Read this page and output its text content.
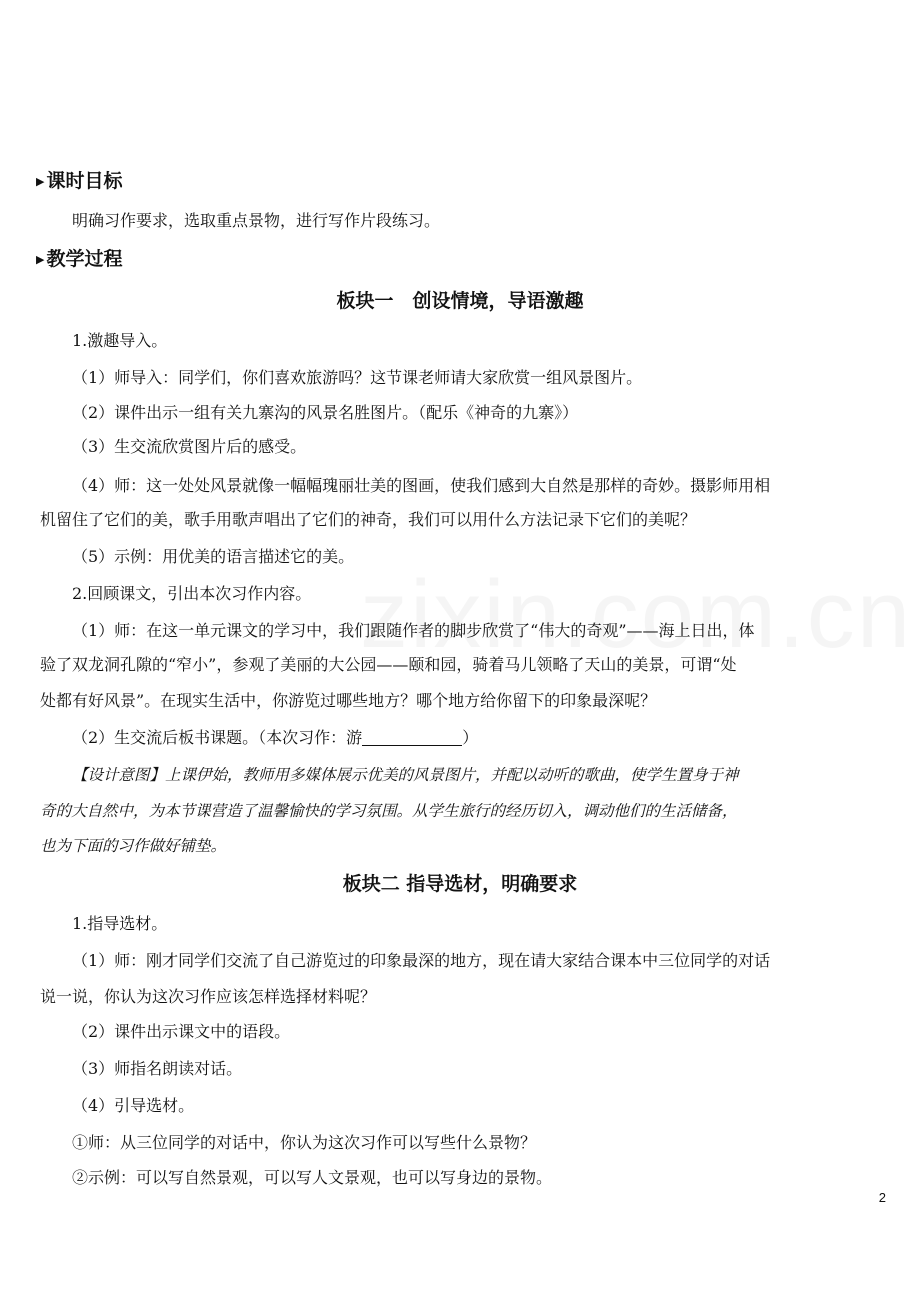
▶ 课时目标
明确习作要求，选取重点景物，进行写作片段练习。
▶ 教学过程
板块一　创设情境，导语激趣
1.激趣导入。
（1）师导入：同学们，你们喜欢旅游吗？这节课老师请大家欣赏一组风景图片。
（2）课件出示一组有关九寨沟的风景名胜图片。（配乐《神奇的九寨》）
（3）生交流欣赏图片后的感受。
（4）师：这一处处风景就像一幅幅瑰丽壮美的图画，使我们感到大自然是那样的奇妙。摄影师用相
机留住了它们的美，歌手用歌声唱出了它们的神奇，我们可以用什么方法记录下它们的美呢？
（5）示例：用优美的语言描述它的美。
2.回顾课文，引出本次习作内容。
（1）师：在这一单元课文的学习中，我们跟随作者的脚步欣赏了“伟大的奇观”——海上日出，体
验了双龙洞孔隙的“窄小”，参观了美丽的大公园——颐和园，骑着马儿领略了天山的美景，可谓“处
处都有好风景”。在现实生活中，你游览过哪些地方？哪个地方给你留下的印象最深呢？
（2）生交流后板书课题。（本次习作：游	）
【设计意图】上课伊始，教师用多媒体展示优美的风景图片，并配以动听的歌曲，使学生置身于神
奇的大自然中，为本节课营造了温馨愉快的学习氛围。从学生旅行的经历切入，调动他们的生活储备，
也为下面的习作做好铺垫。
板块二 指导选材，明确要求
1.指导选材。
（1）师：刚才同学们交流了自己游览过的印象最深的地方，现在请大家结合课本中三位同学的对话
说一说，你认为这次习作应该怎样选择材料呢？
（2）课件出示课文中的语段。
（3）师指名朗读对话。
（4）引导选材。
①师：从三位同学的对话中，你认为这次习作可以写些什么景物？
②示例：可以写自然景观，可以写人文景观，也可以写身边的景物。
2
